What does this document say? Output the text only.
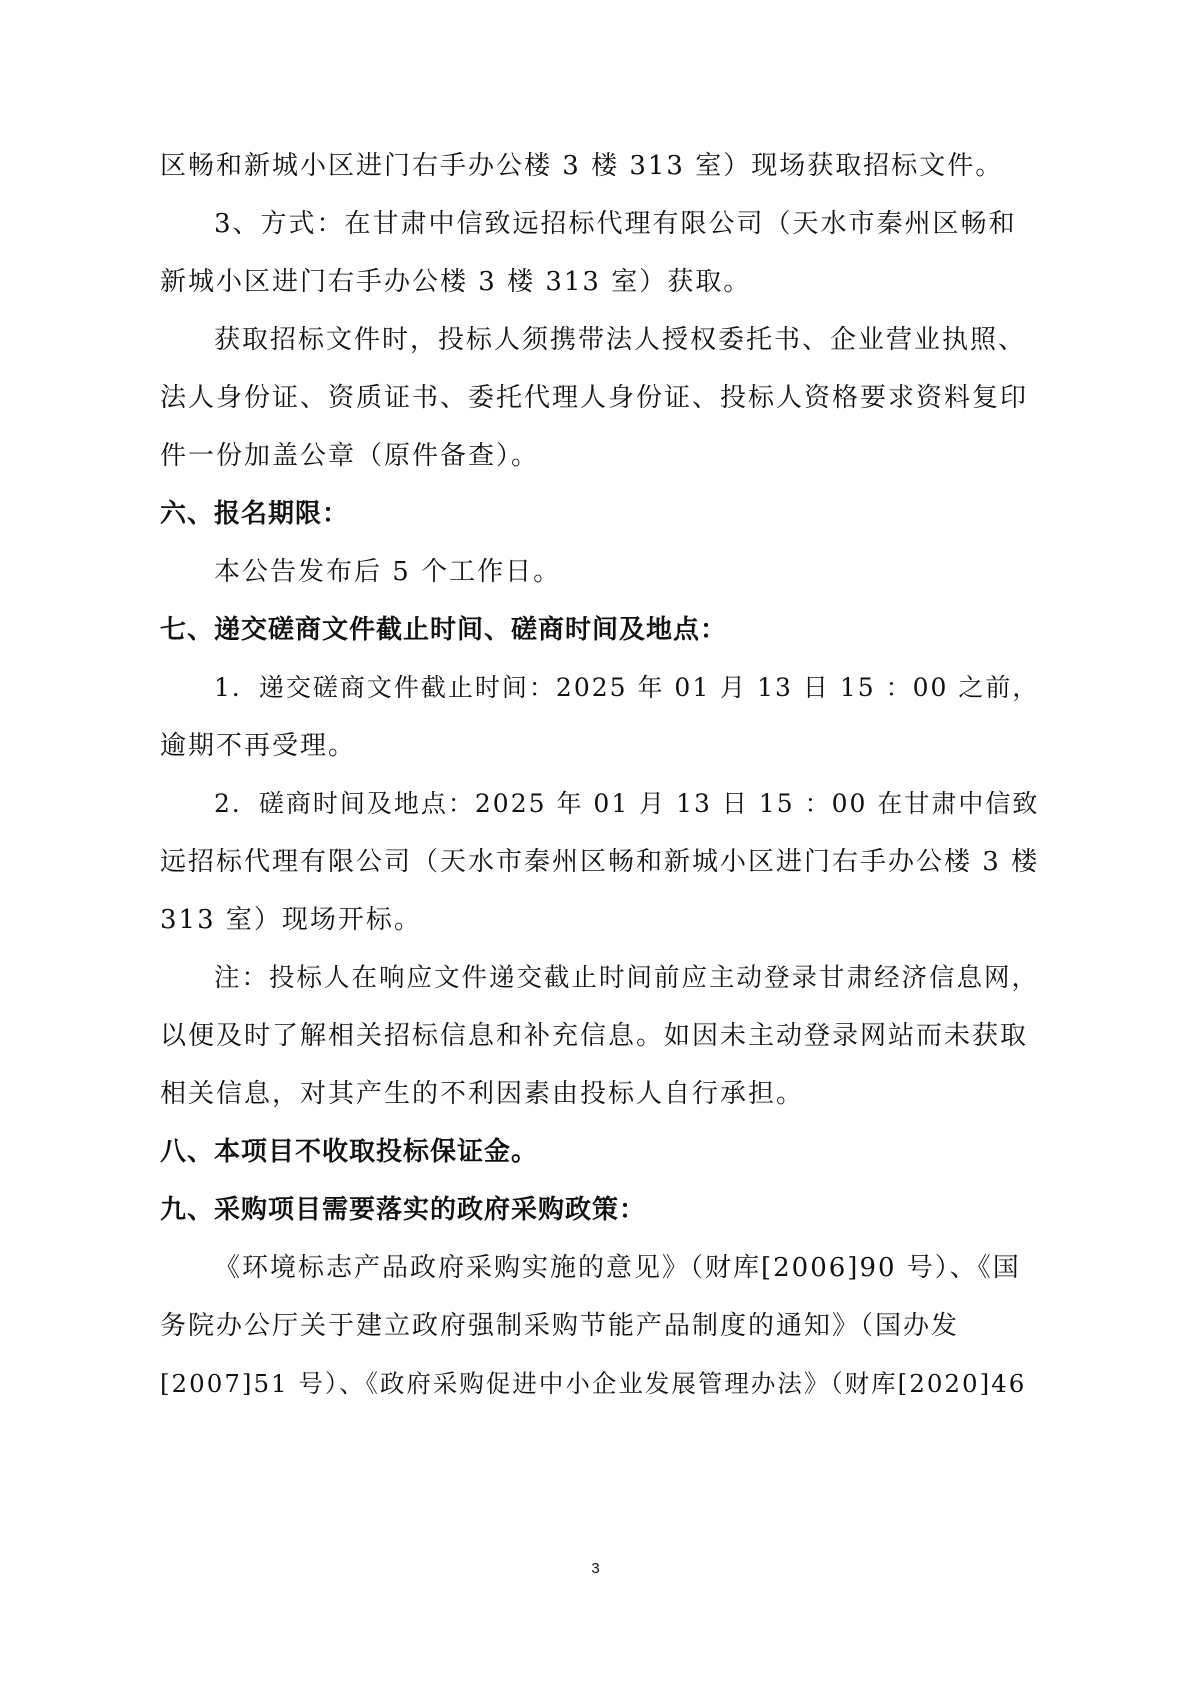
区畅和新城小区进门右手办公楼 3 楼 313 室）现场获取招标文件。
3、方式：在甘肃中信致远招标代理有限公司（天水市秦州区畅和
新城小区进门右手办公楼 3 楼 313 室）获取。
获取招标文件时，投标人须携带法人授权委托书、企业营业执照、
法人身份证、资质证书、委托代理人身份证、投标人资格要求资料复印
件一份加盖公章（原件备查）。
六、报名期限：
本公告发布后 5 个工作日。
七、递交磋商文件截止时间、磋商时间及地点：
1．递交磋商文件截止时间：2025 年 01 月 13 日 15 ：00 之前，
逾期不再受理。
2．磋商时间及地点：2025 年 01 月 13 日 15 ：00 在甘肃中信致
远招标代理有限公司（天水市秦州区畅和新城小区进门右手办公楼 3 楼
313 室）现场开标。
注：投标人在响应文件递交截止时间前应主动登录甘肃经济信息网，
以便及时了解相关招标信息和补充信息。如因未主动登录网站而未获取
相关信息，对其产生的不利因素由投标人自行承担。
八、本项目不收取投标保证金。
九、采购项目需要落实的政府采购政策：
《环境标志产品政府采购实施的意见》（财库[2006]90 号）、《国
务院办公厅关于建立政府强制采购节能产品制度的通知》（国办发
[2007]51 号）、《政府采购促进中小企业发展管理办法》（财库[2020]46
3
